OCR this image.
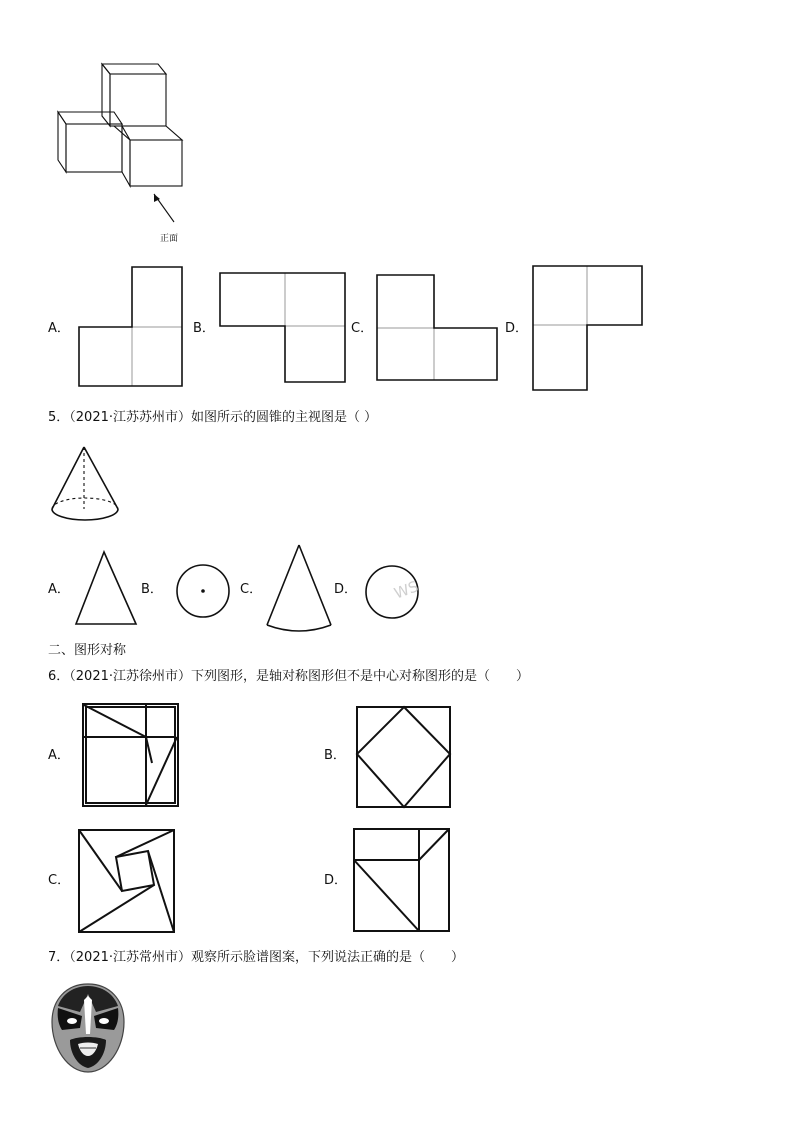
正面
A．	B．	C．	D．
5．（2021·江苏苏州市）如图所示的圆锥的主视图是（ ）
A．	B．	C．	D． WS
二、图形对称
6．（2021·江苏徐州市）下列图形，是轴对称图形但不是中心对称图形的是（　　）
A．	B．
C．	D．
7．（2021·江苏常州市）观察所示脸谱图案，下列说法正确的是（　　）
